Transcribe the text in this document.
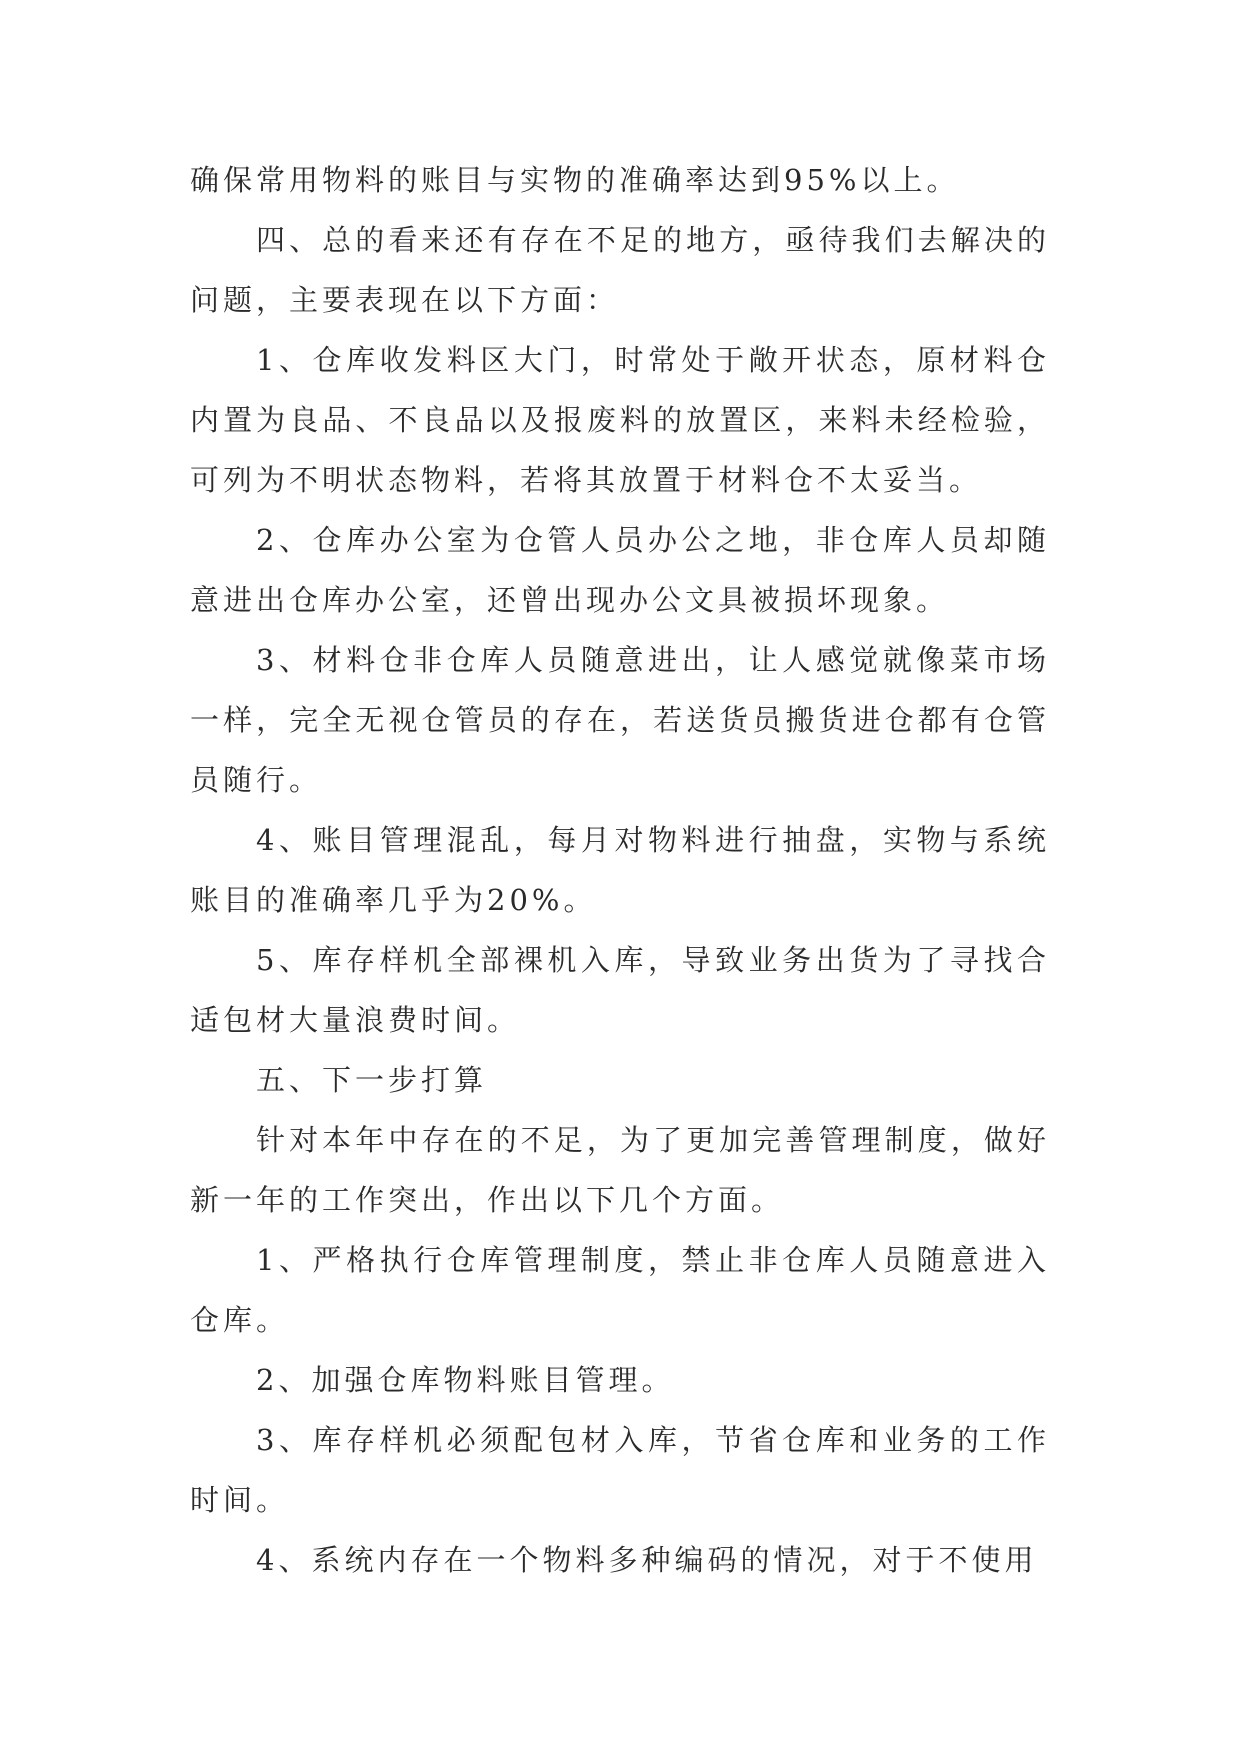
确保常用物料的账目与实物的准确率达到95%以上。

四、总的看来还有存在不足的地方，亟待我们去解决的问题，主要表现在以下方面：

1、仓库收发料区大门，时常处于敞开状态，原材料仓内置为良品、不良品以及报废料的放置区，来料未经检验，可列为不明状态物料，若将其放置于材料仓不太妥当。

2、仓库办公室为仓管人员办公之地，非仓库人员却随意进出仓库办公室，还曾出现办公文具被损坏现象。

3、材料仓非仓库人员随意进出，让人感觉就像菜市场一样，完全无视仓管员的存在，若送货员搬货进仓都有仓管员随行。

4、账目管理混乱，每月对物料进行抽盘，实物与系统账目的准确率几乎为20%。

5、库存样机全部裸机入库，导致业务出货为了寻找合适包材大量浪费时间。

五、下一步打算

针对本年中存在的不足，为了更加完善管理制度，做好新一年的工作突出，作出以下几个方面。

1、严格执行仓库管理制度，禁止非仓库人员随意进入仓库。

2、加强仓库物料账目管理。

3、库存样机必须配包材入库，节省仓库和业务的工作时间。

4、系统内存在一个物料多种编码的情况，对于不使用
